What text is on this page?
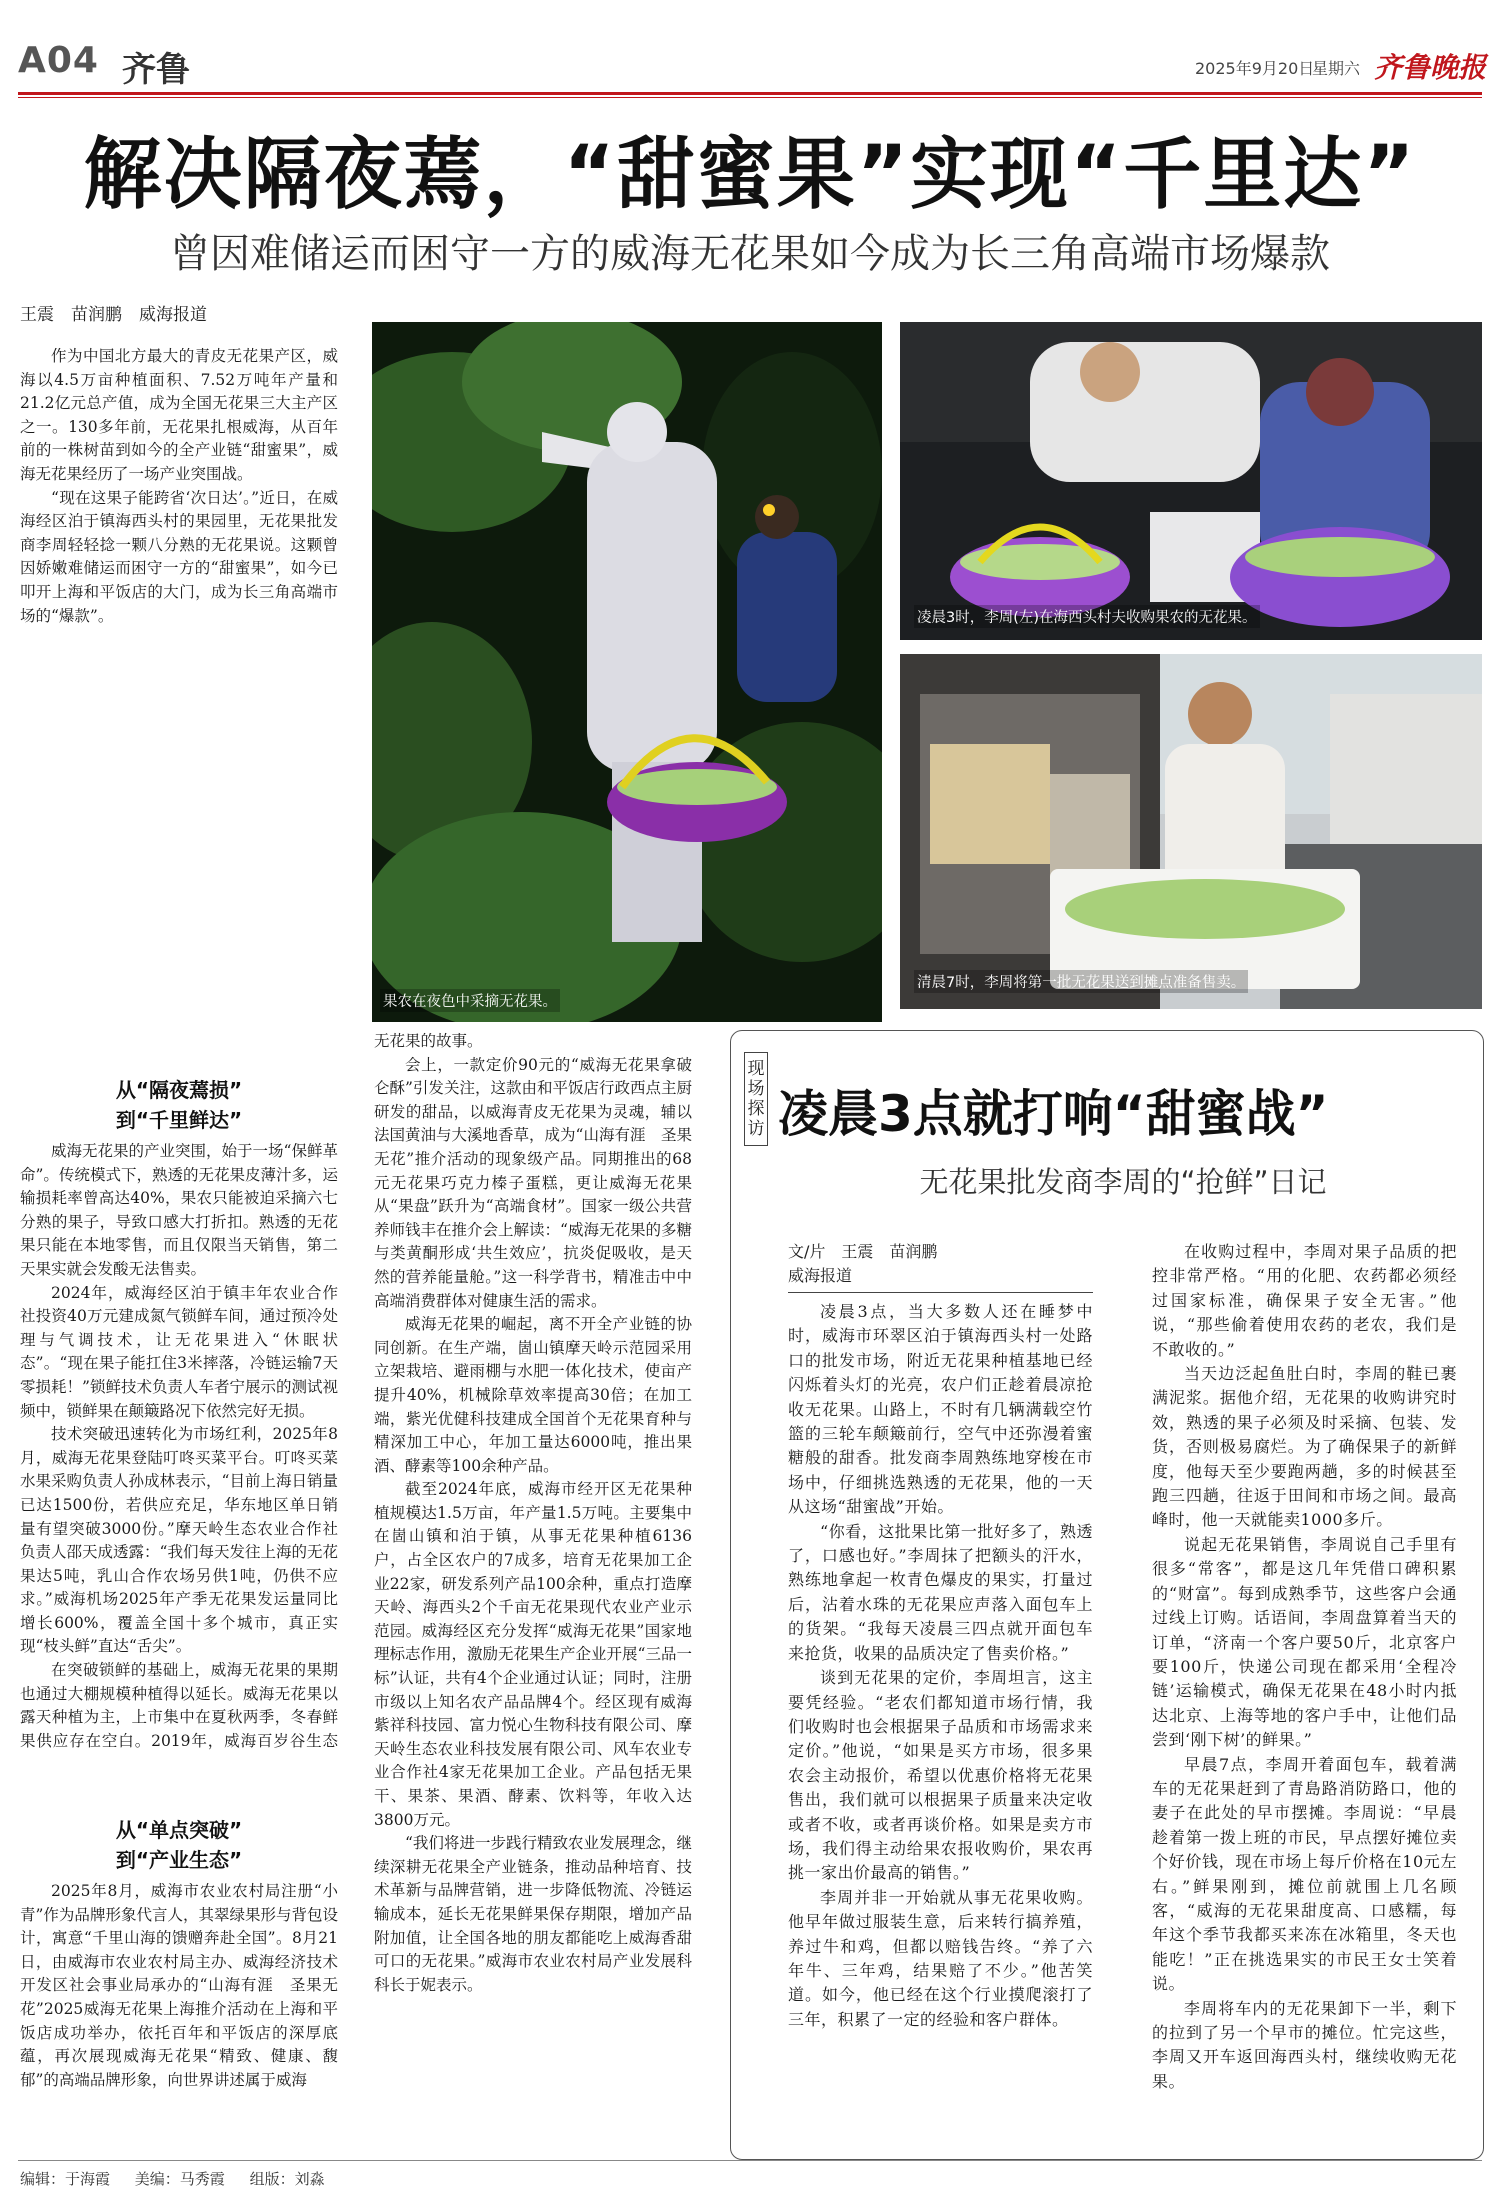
A04 齐鲁	2025年9月20日
星期六 齐鲁晚报
解决隔夜蔫，“甜蜜果”实现“千里达”
曾因难储运而困守一方的威海无花果如今成为长三角高端市场爆款
王震　苗润鹏　威海报道

作为中国北方最大的青皮无花果产区，威海以4.5万亩种植面积、7.52万吨年产量和21.2亿元总产值，成为全国无花果三大主产区之一。130多年前，无花果扎根威海，从百年前的一株树苗到如今的全产业链“甜蜜果”，威海无花果经历了一场产业突围战。

“现在这果子能跨省‘次日达’。”近日，在威海经区泊于镇海西头村的果园里，无花果批发商李周轻轻捻一颗八分熟的无花果说。这颗曾因娇嫩难储运而困守一方的“甜蜜果”，如今已叩开上海和平饭店的大门，成为长三角高端市场的“爆款”。

从“隔夜蔫损”
到“千里鲜达”

威海无花果的产业突围，始于一场“保鲜革命”。传统模式下，熟透的无花果皮薄汁多，运输损耗率曾高达40%，果农只能被迫采摘六七分熟的果子，导致口感大打折扣。熟透的无花果只能在本地零售，而且仅限当天销售，第二天果实就会发酸无法售卖。

2024年，威海经区泊于镇丰年农业合作社投资40万元建成氮气锁鲜车间，通过预冷处理与气调技术，让无花果进入“休眠状态”。“现在果子能扛住3米摔落，冷链运输7天零损耗！”锁鲜技术负责人车者宁展示的测试视频中，锁鲜果在颠簸路况下依然完好无损。

技术突破迅速转化为市场红利，2025年8月，威海无花果登陆叮咚买菜平台。叮咚买菜水果采购负责人孙成林表示，“目前上海日销量已达1500份，若供应充足，华东地区单日销量有望突破3000份。”摩天岭生态农业合作社负责人邵天成透露：“我们每天发往上海的无花果达5吨，乳山合作农场另供1吨，仍供不应求。”威海机场2025年产季无花果发运量同比增长600%，覆盖全国十多个城市，真正实现“枝头鲜”直达“舌尖”。

在突破锁鲜的基础上，威海无花果的果期也通过大棚规模种植得以延长。威海无花果以露天种植为主，上市集中在夏秋两季，冬春鲜果供应存在空白。2019年，威海百岁谷生态

从“单点突破”
到“产业生态”

2025年8月，威海市农业农村局注册“小青”作为品牌形象代言人，其翠绿果形与背包设计，寓意“千里山海的馈赠奔赴全国”。8月21日，由威海市农业农村局主办、威海经济技术开发区社会事业局承办的“山海有涯　圣果无花”2025威海无花果上海推介活动在上海和平饭店成功举办，依托百年和平饭店的深厚底蕴，再次展现威海无花果“精致、健康、馥郁”的高端品牌形象，向世界讲述属于威海

无花果的故事。

会上，一款定价90元的“威海无花果拿破仑酥”引发关注，这款由和平饭店行政西点主厨研发的甜品，以威海青皮无花果为灵魂，辅以法国黄油与大溪地香草，成为“山海有涯　圣果无花”推介活动的现象级产品。同期推出的68元无花果巧克力榛子蛋糕，更让威海无花果从“果盘”跃升为“高端食材”。国家一级公共营养师钱丰在推介会上解读：“威海无花果的多糖与类黄酮形成‘共生效应’，抗炎促吸收，是天然的营养能量舱。”这一科学背书，精准击中中高端消费群体对健康生活的需求。

威海无花果的崛起，离不开全产业链的协同创新。在生产端，崮山镇摩天岭示范园采用立架栽培、避雨棚与水肥一体化技术，使亩产提升40%，机械除草效率提高30倍；在加工端，紫光优健科技建成全国首个无花果育种与精深加工中心，年加工量达6000吨，推出果酒、酵素等100余种产品。

截至2024年底，威海市经开区无花果种植规模达1.5万亩，年产量1.5万吨。主要集中在崮山镇和泊于镇，从事无花果种植6136户，占全区农户的7成多，培育无花果加工企业22家，研发系列产品100余种，重点打造摩天岭、海西头2个千亩无花果现代农业产业示范园。威海经区充分发挥“威海无花果”国家地理标志作用，激励无花果生产企业开展“三品一标”认证，共有4个企业通过认证；同时，注册市级以上知名农产品品牌4个。经区现有威海紫祥科技园、富力悦心生物科技有限公司、摩天岭生态农业科技发展有限公司、风车农业专业合作社4家无花果加工企业。产品包括无果干、果茶、果酒、酵素、饮料等，年收入达3800万元。

“我们将进一步践行精致农业发展理念，继续深耕无花果全产业链条，推动品种培育、技术革新与品牌营销，进一步降低物流、冷链运输成本，延长无花果鲜果保存期限，增加产品附加值，让全国各地的朋友都能吃上威海香甜可口的无花果。”威海市农业农村局产业发展科科长于妮表示。

果农在夜色中采摘无花果。
凌晨3时，李周(左)在海西头村夫收购果农的无花果。
清晨7时，李周将第一批无花果送到摊点准备售卖。
现场探访 凌晨3点就打响“甜蜜战”
无花果批发商李周的“抢鲜”日记
文/片　王震　苗润鹏
威海报道

凌晨3点，当大多数人还在睡梦中时，威海市环翠区泊于镇海西头村一处路口的批发市场，附近无花果种植基地已经闪烁着头灯的光亮，农户们正趁着晨凉抢收无花果。山路上，不时有几辆满载空竹篮的三轮车颠簸前行，空气中还弥漫着蜜糖般的甜香。批发商李周熟练地穿梭在市场中，仔细挑选熟透的无花果，他的一天从这场“甜蜜战”开始。

“你看，这批果比第一批好多了，熟透了，口感也好。”李周抹了把额头的汗水，熟练地拿起一枚青色爆皮的果实，打量过后，沾着水珠的无花果应声落入面包车上的货架。“我每天凌晨三四点就开面包车来抢货，收果的品质决定了售卖价格。”

谈到无花果的定价，李周坦言，这主要凭经验。“老农们都知道市场行情，我们收购时也会根据果子品质和市场需求来定价。”他说，“如果是买方市场，很多果农会主动报价，希望以优惠价格将无花果售出，我们就可以根据果子质量来决定收或者不收，或者再谈价格。如果是卖方市场，我们得主动给果农报收购价，果农再挑一家出价最高的销售。”

李周并非一开始就从事无花果收购。他早年做过服装生意，后来转行搞养殖，养过牛和鸡，但都以赔钱告终。“养了六年牛、三年鸡，结果赔了不少。”他苦笑道。如今，他已经在这个行业摸爬滚打了三年，积累了一定的经验和客户群体。

在收购过程中，李周对果子品质的把控非常严格。“用的化肥、农药都必须经过国家标准，确保果子安全无害。”他说，“那些偷着使用农药的老农，我们是不敢收的。”

当天边泛起鱼肚白时，李周的鞋已裹满泥浆。据他介绍，无花果的收购讲究时效，熟透的果子必须及时采摘、包装、发货，否则极易腐烂。为了确保果子的新鲜度，他每天至少要跑两趟，多的时候甚至跑三四趟，往返于田间和市场之间。最高峰时，他一天就能卖1000多斤。

说起无花果销售，李周说自己手里有很多“常客”，都是这几年凭借口碑积累的“财富”。每到成熟季节，这些客户会通过线上订购。话语间，李周盘算着当天的订单，“济南一个客户要50斤，北京客户要100斤，快递公司现在都采用‘全程冷链’运输模式，确保无花果在48小时内抵达北京、上海等地的客户手中，让他们品尝到‘刚下树’的鲜果。”

早晨7点，李周开着面包车，载着满车的无花果赶到了青島路消防路口，他的妻子在此处的早市摆摊。李周说：“早晨趁着第一拨上班的市民，早点摆好摊位卖个好价钱，现在市场上每斤价格在10元左右。”鲜果刚到，摊位前就围上几名顾客，“威海的无花果甜度高、口感糯，每年这个季节我都买来冻在冰箱里，冬天也能吃！”正在挑选果实的市民王女士笑着说。

李周将车内的无花果卸下一半，剩下的拉到了另一个早市的摊位。忙完这些，李周又开车返回海西头村，继续收购无花果。

编辑：于海霞 美编：马秀霞 组版：刘淼
